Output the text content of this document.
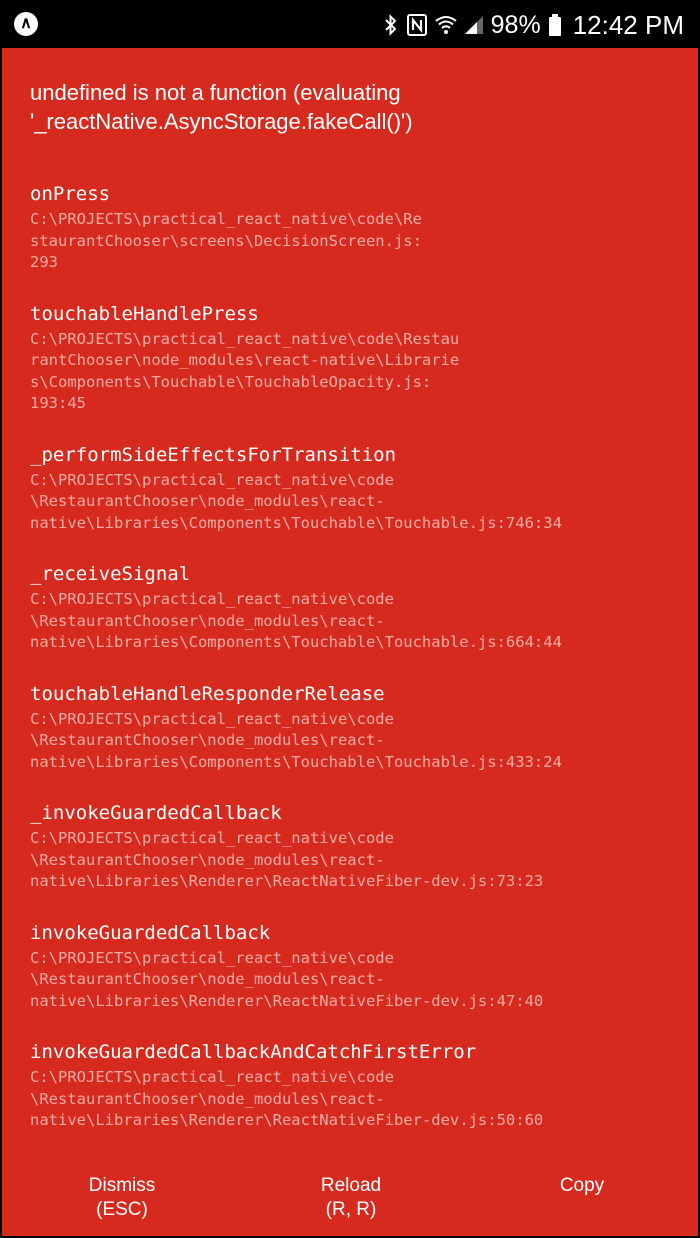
∧	98% 12:42 PM
undefined is not a function (evaluating
'_reactNative.AsyncStorage.fakeCall()')
onPress
C:\PROJECTS\practical_react_native\code\Re
staurantChooser\screens\DecisionScreen.js:
293
touchableHandlePress
C:\PROJECTS\practical_react_native\code\Restau
rantChooser\node_modules\react-native\Librarie
s\Components\Touchable\TouchableOpacity.js:
193:45
_performSideEffectsForTransition
C:\PROJECTS\practical_react_native\code
\RestaurantChooser\node_modules\react-
native\Libraries\Components\Touchable\Touchable.js:746:34
_receiveSignal
C:\PROJECTS\practical_react_native\code
\RestaurantChooser\node_modules\react-
native\Libraries\Components\Touchable\Touchable.js:664:44
touchableHandleResponderRelease
C:\PROJECTS\practical_react_native\code
\RestaurantChooser\node_modules\react-
native\Libraries\Components\Touchable\Touchable.js:433:24
_invokeGuardedCallback
C:\PROJECTS\practical_react_native\code
\RestaurantChooser\node_modules\react-
native\Libraries\Renderer\ReactNativeFiber-dev.js:73:23
invokeGuardedCallback
C:\PROJECTS\practical_react_native\code
\RestaurantChooser\node_modules\react-
native\Libraries\Renderer\ReactNativeFiber-dev.js:47:40
invokeGuardedCallbackAndCatchFirstError
C:\PROJECTS\practical_react_native\code
\RestaurantChooser\node_modules\react-
native\Libraries\Renderer\ReactNativeFiber-dev.js:50:60
Dismiss
(ESC)
Reload
(R, R)
Copy
